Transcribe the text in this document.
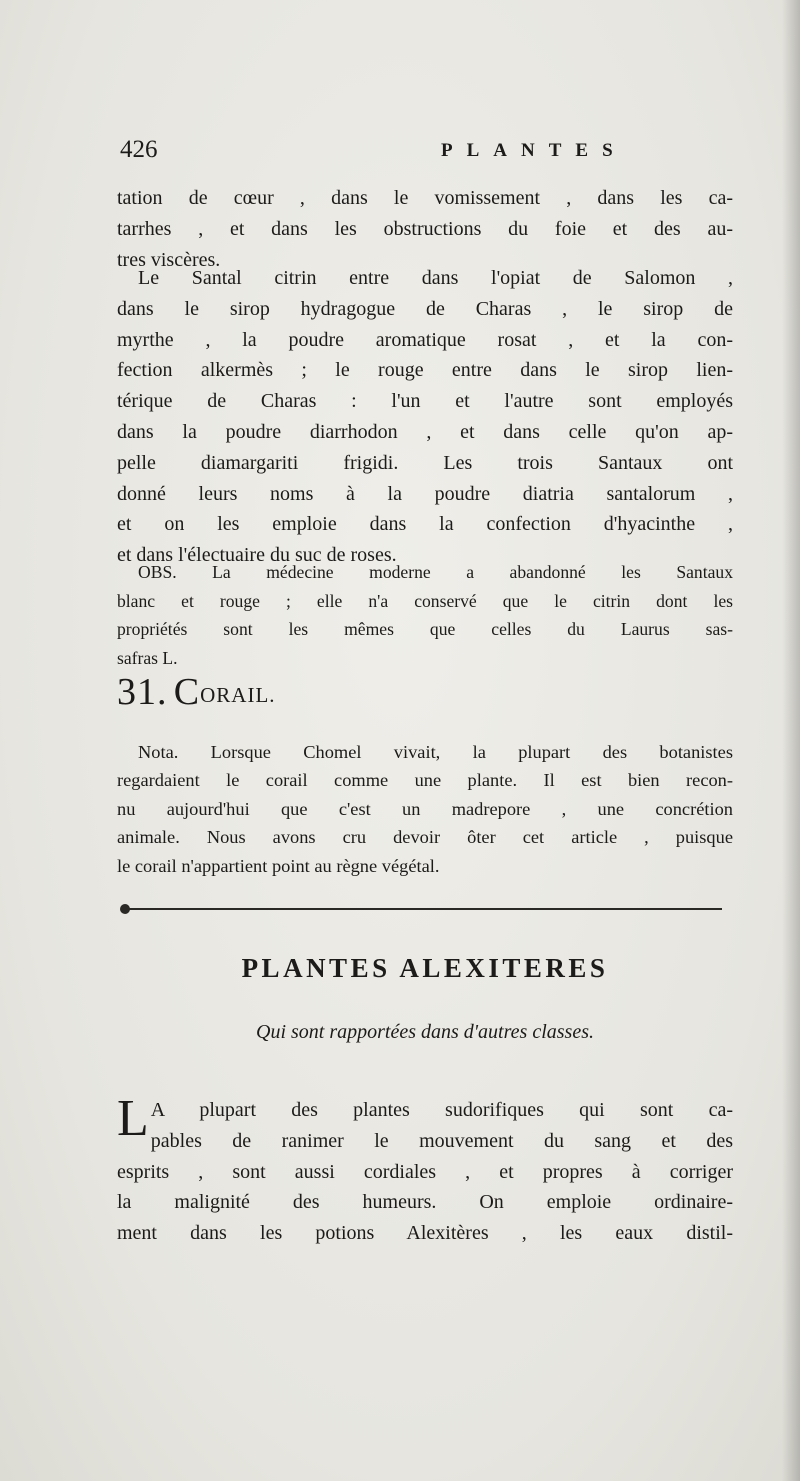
426	PLANTES
tation de cœur , dans le vomissement , dans les ca-
tarrhes , et dans les obstructions du foie et des au-
tres viscères.
Le Santal citrin entre dans l'opiat de Salomon ,
dans le sirop hydragogue de Charas , le sirop de
myrthe , la poudre aromatique rosat , et la con-
fection alkermès ; le rouge entre dans le sirop lien-
térique de Charas : l'un et l'autre sont employés
dans la poudre diarrhodon , et dans celle qu'on ap-
pelle diamargariti frigidi. Les trois Santaux ont
donné leurs noms à la poudre diatria santalorum ,
et on les emploie dans la confection d'hyacinthe ,
et dans l'électuaire du suc de roses.
OBS. La médecine moderne a abandonné les Santaux
blanc et rouge ; elle n'a conservé que le citrin dont les
propriétés sont les mêmes que celles du Laurus sas-
safras L.
31. CORAIL.
Nota. Lorsque Chomel vivait, la plupart des botanistes
regardaient le corail comme une plante. Il est bien recon-
nu aujourd'hui que c'est un madrepore , une concrétion
animale. Nous avons cru devoir ôter cet article , puisque
le corail n'appartient point au règne végétal.
PLANTES ALEXITERES
Qui sont rapportées dans d'autres classes.
L A plupart des plantes sudorifiques qui sont ca-
pables de ranimer le mouvement du sang et des
esprits , sont aussi cordiales , et propres à corriger
la malignité des humeurs. On emploie ordinaire-
ment dans les potions Alexitères , les eaux distil-
